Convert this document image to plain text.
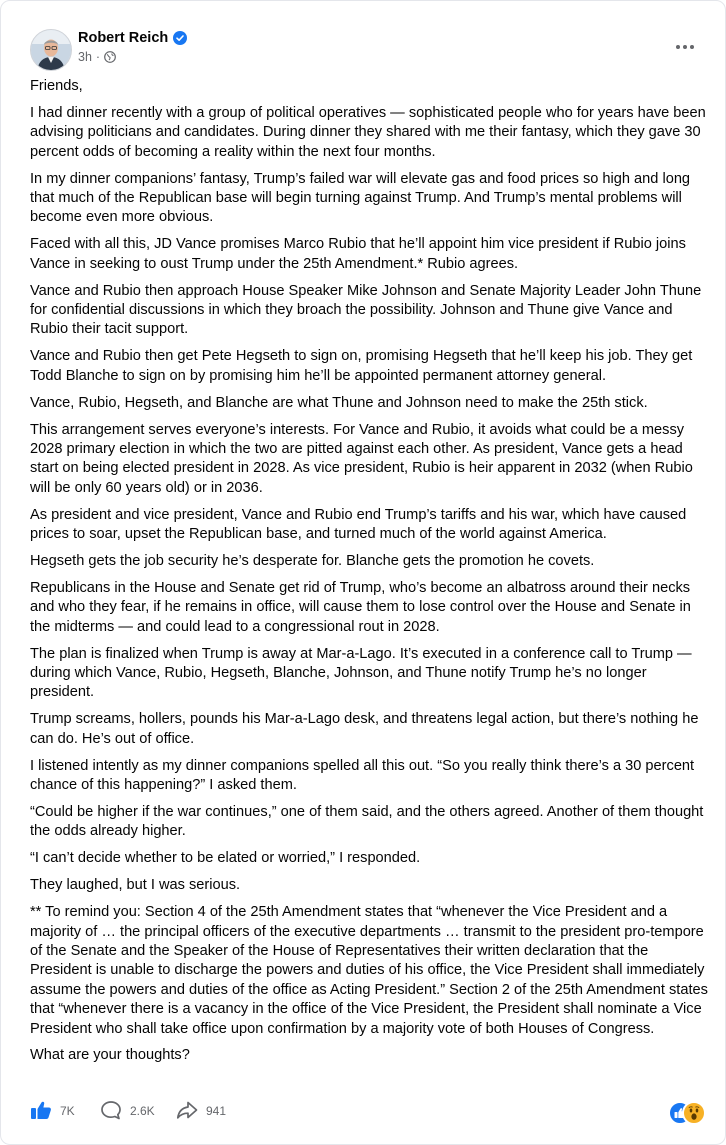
Robert Reich
3h ·

Friends,

I had dinner recently with a group of political operatives — sophisticated people who for years have been advising politicians and candidates. During dinner they shared with me their fantasy, which they gave 30 percent odds of becoming a reality within the next four months.

In my dinner companions’ fantasy, Trump’s failed war will elevate gas and food prices so high and long that much of the Republican base will begin turning against Trump. And Trump’s mental problems will become even more obvious.

Faced with all this, JD Vance promises Marco Rubio that he’ll appoint him vice president if Rubio joins Vance in seeking to oust Trump under the 25th Amendment.* Rubio agrees.

Vance and Rubio then approach House Speaker Mike Johnson and Senate Majority Leader John Thune for confidential discussions in which they broach the possibility. Johnson and Thune give Vance and Rubio their tacit support.

Vance and Rubio then get Pete Hegseth to sign on, promising Hegseth that he’ll keep his job. They get Todd Blanche to sign on by promising him he’ll be appointed permanent attorney general.

Vance, Rubio, Hegseth, and Blanche are what Thune and Johnson need to make the 25th stick.

This arrangement serves everyone’s interests. For Vance and Rubio, it avoids what could be a messy 2028 primary election in which the two are pitted against each other. As president, Vance gets a head start on being elected president in 2028. As vice president, Rubio is heir apparent in 2032 (when Rubio will be only 60 years old) or in 2036.

As president and vice president, Vance and Rubio end Trump’s tariffs and his war, which have caused prices to soar, upset the Republican base, and turned much of the world against America.

Hegseth gets the job security he’s desperate for. Blanche gets the promotion he covets.

Republicans in the House and Senate get rid of Trump, who’s become an albatross around their necks and who they fear, if he remains in office, will cause them to lose control over the House and Senate in the midterms — and could lead to a congressional rout in 2028.

The plan is finalized when Trump is away at Mar-a-Lago. It’s executed in a conference call to Trump — during which Vance, Rubio, Hegseth, Blanche, Johnson, and Thune notify Trump he’s no longer president.

Trump screams, hollers, pounds his Mar-a-Lago desk, and threatens legal action, but there’s nothing he can do. He’s out of office.

I listened intently as my dinner companions spelled all this out. “So you really think there’s a 30 percent chance of this happening?” I asked them.

“Could be higher if the war continues,” one of them said, and the others agreed. Another of them thought the odds already higher.

“I can’t decide whether to be elated or worried,” I responded.

They laughed, but I was serious.

** To remind you: Section 4 of the 25th Amendment states that “whenever the Vice President and a majority of … the principal officers of the executive departments … transmit to the president pro-tempore of the Senate and the Speaker of the House of Representatives their written declaration that the President is unable to discharge the powers and duties of his office, the Vice President shall immediately assume the powers and duties of the office as Acting President.” Section 2 of the 25th Amendment states that “whenever there is a vacancy in the office of the Vice President, the President shall nominate a Vice President who shall take office upon confirmation by a majority vote of both Houses of Congress.

What are your thoughts?

7K	2.6K	941
